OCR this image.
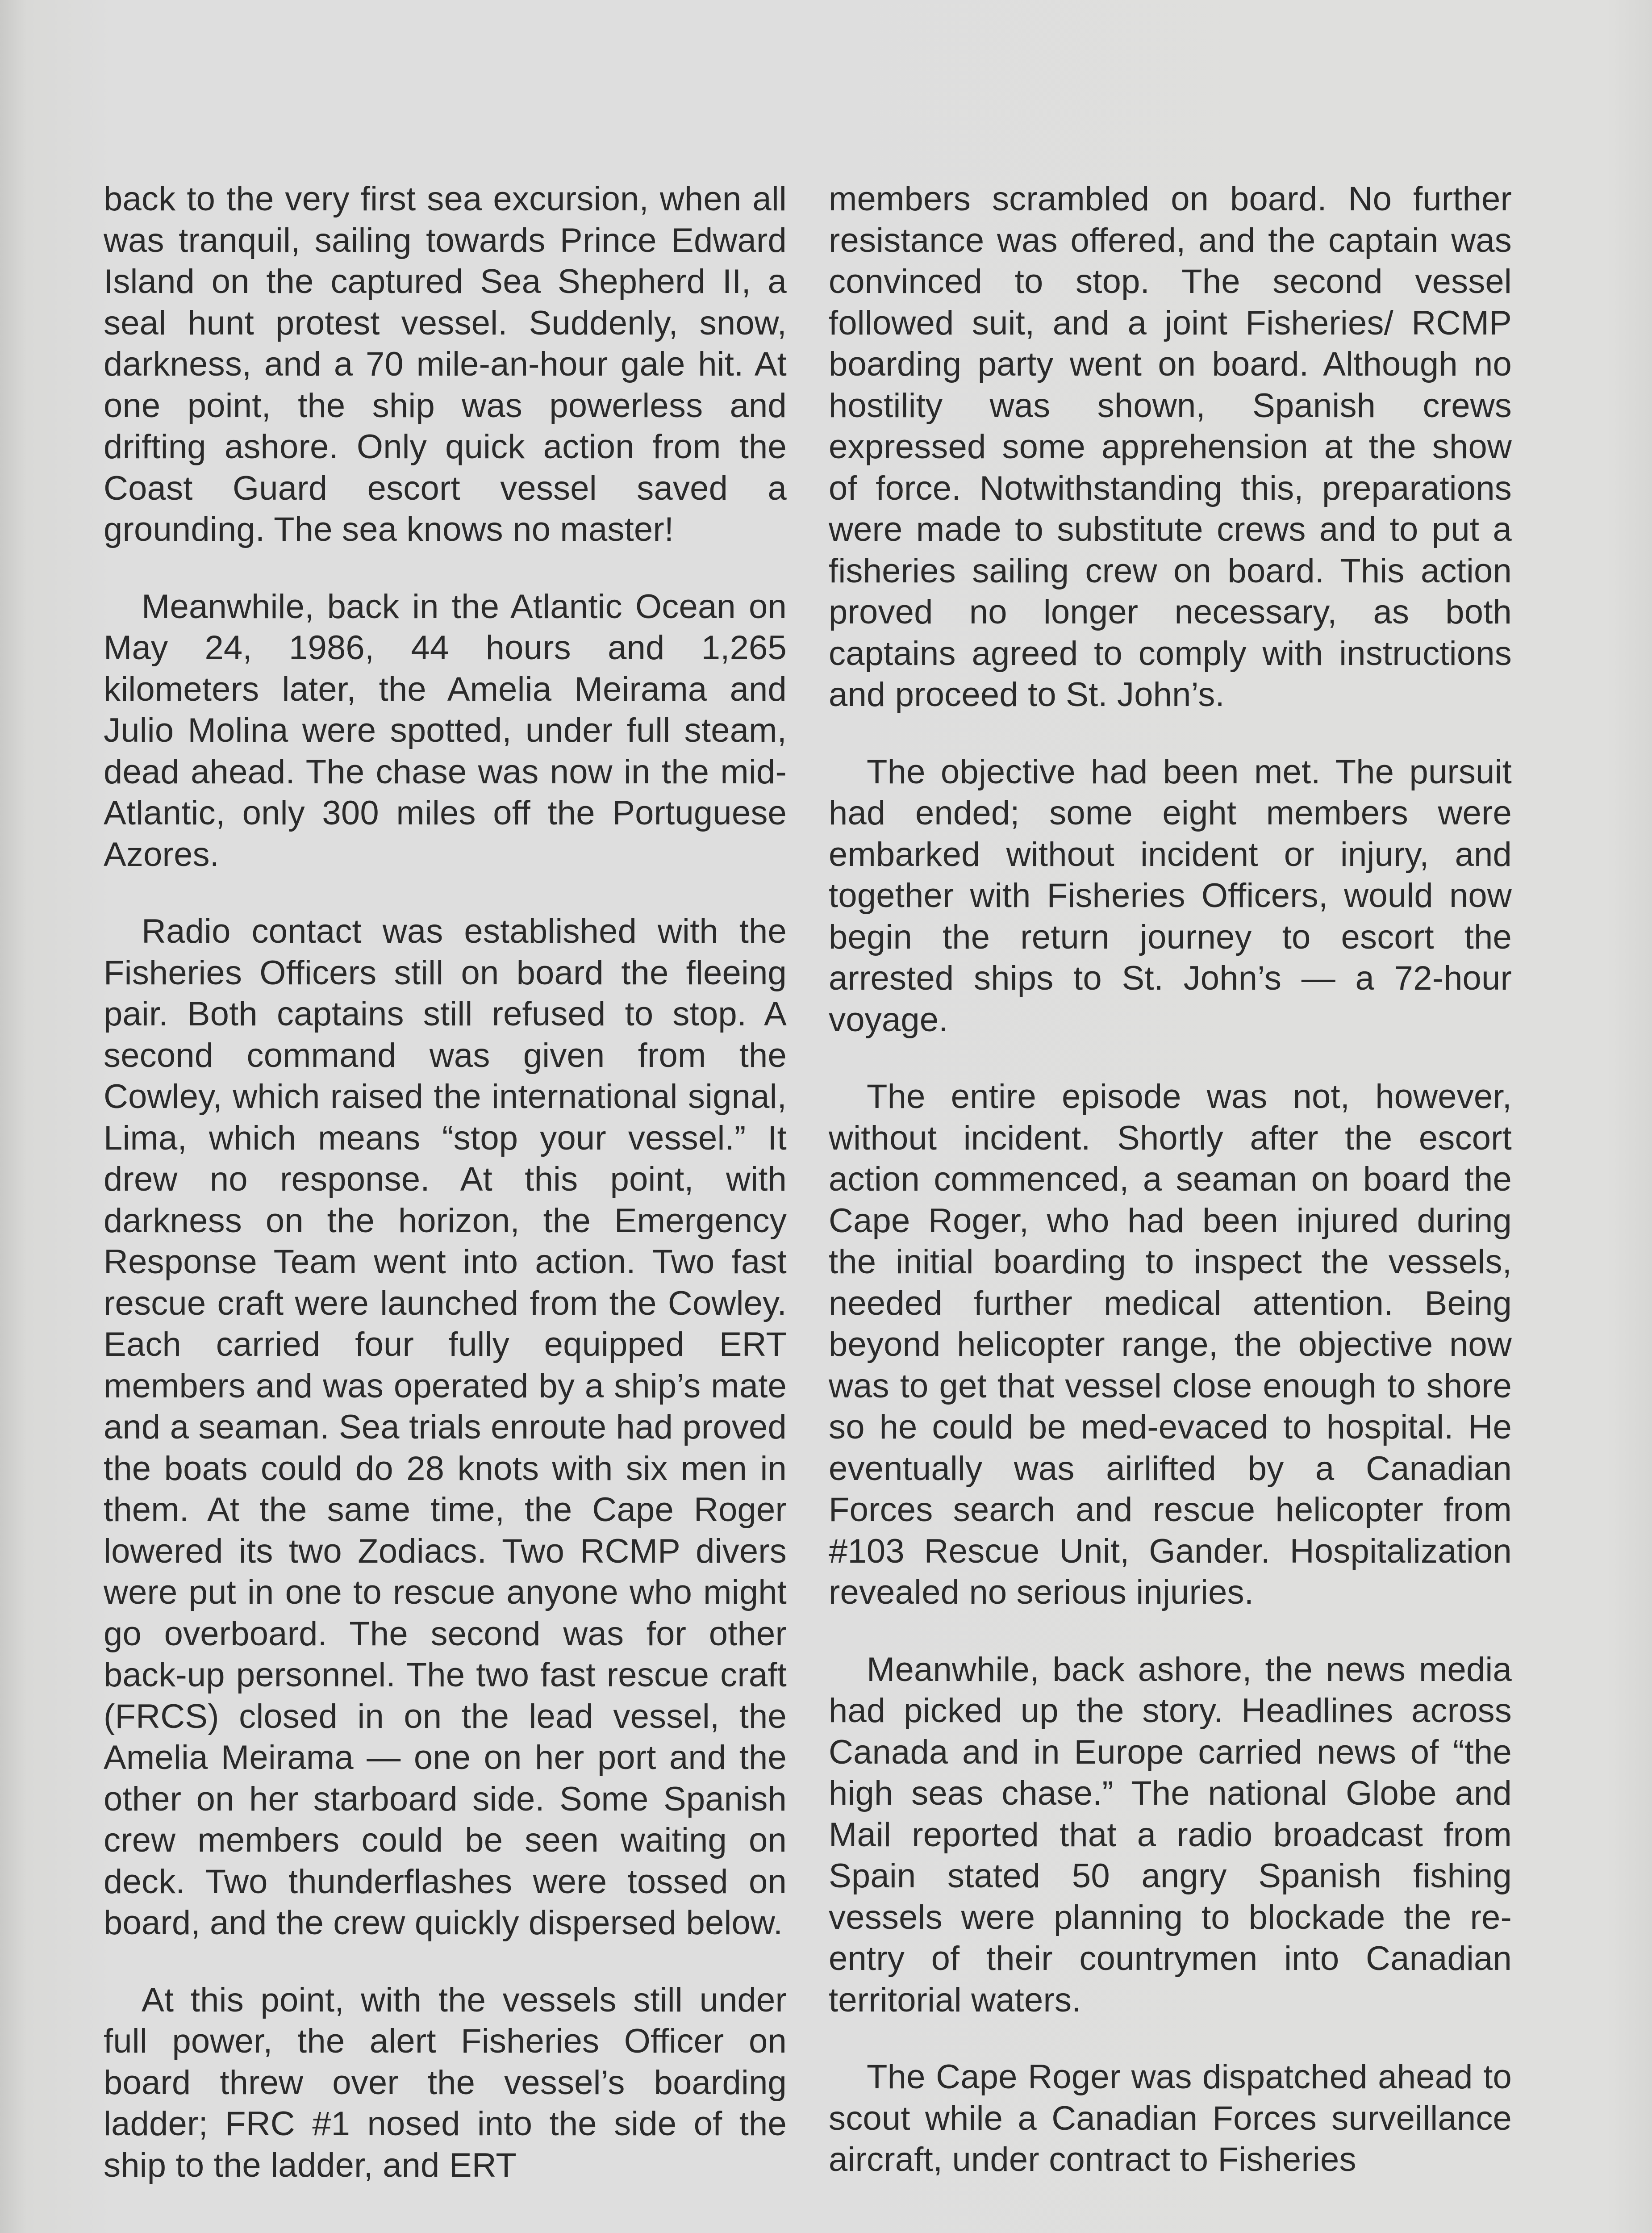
back to the very first sea excursion, when all was tranquil, sailing towards Prince Edward Island on the captured Sea Shepherd II, a seal hunt protest vessel. Suddenly, snow, darkness, and a 70 mile-an-hour gale hit. At one point, the ship was powerless and drifting ashore. Only quick action from the Coast Guard escort vessel saved a grounding. The sea knows no master!

Meanwhile, back in the Atlantic Ocean on May 24, 1986, 44 hours and 1,265 kilometers later, the Amelia Meirama and Julio Molina were spotted, under full steam, dead ahead. The chase was now in the mid-Atlantic, only 300 miles off the Portuguese Azores.

Radio contact was established with the Fisheries Officers still on board the fleeing pair. Both captains still refused to stop. A second command was given from the Cowley, which raised the international signal, Lima, which means “stop your vessel.” It drew no response. At this point, with darkness on the horizon, the Emergency Response Team went into action. Two fast rescue craft were launched from the Cowley. Each carried four fully equipped ERT members and was operated by a ship’s mate and a seaman. Sea trials enroute had proved the boats could do 28 knots with six men in them. At the same time, the Cape Roger lowered its two Zodiacs. Two RCMP divers were put in one to rescue anyone who might go overboard. The second was for other back-up personnel. The two fast rescue craft (FRCS) closed in on the lead vessel, the Amelia Meirama — one on her port and the other on her starboard side. Some Spanish crew members could be seen waiting on deck. Two thunderflashes were tossed on board, and the crew quickly dispersed below.

At this point, with the vessels still under full power, the alert Fisheries Officer on board threw over the vessel’s boarding ladder; FRC #1 nosed into the side of the ship to the ladder, and ERT

members scrambled on board. No further resistance was offered, and the captain was convinced to stop. The second vessel followed suit, and a joint Fisheries/ RCMP boarding party went on board. Although no hostility was shown, Spanish crews expressed some apprehension at the show of force. Notwithstanding this, preparations were made to substitute crews and to put a fisheries sailing crew on board. This action proved no longer necessary, as both captains agreed to comply with instructions and proceed to St. John’s.

The objective had been met. The pursuit had ended; some eight members were embarked without incident or injury, and together with Fisheries Officers, would now begin the return journey to escort the arrested ships to St. John’s — a 72-hour voyage.

The entire episode was not, however, without incident. Shortly after the escort action commenced, a seaman on board the Cape Roger, who had been injured during the initial boarding to inspect the vessels, needed further medical attention. Being beyond helicopter range, the objective now was to get that vessel close enough to shore so he could be med-evaced to hospital. He eventually was airlifted by a Canadian Forces search and rescue helicopter from #103 Rescue Unit, Gander. Hospitalization revealed no serious injuries.

Meanwhile, back ashore, the news media had picked up the story. Headlines across Canada and in Europe carried news of “the high seas chase.” The national Globe and Mail reported that a radio broadcast from Spain stated 50 angry Spanish fishing vessels were planning to blockade the re-entry of their countrymen into Canadian territorial waters.

The Cape Roger was dispatched ahead to scout while a Canadian Forces surveillance aircraft, under contract to Fisheries
